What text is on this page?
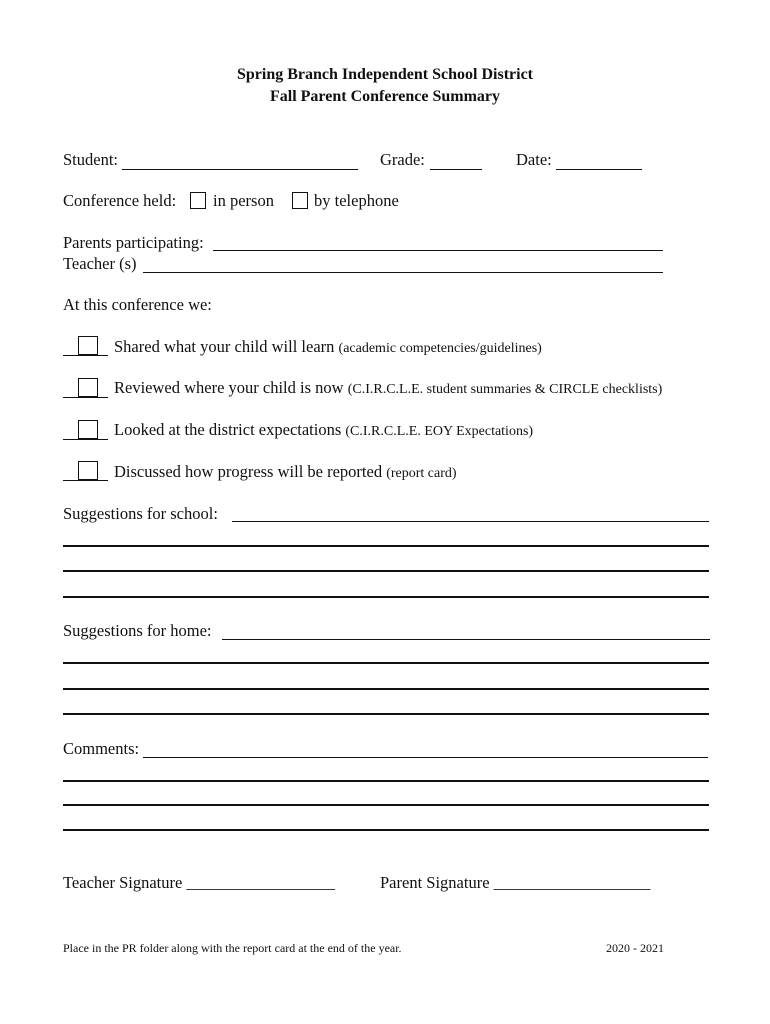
Spring Branch Independent School District
Fall Parent Conference Summary
Student:	Grade:	Date:
Conference held: in person by telephone
Parents participating:
Teacher (s)
At this conference we:
Shared what your child will learn (academic competencies/guidelines)
Reviewed where your child is now (C.I.R.C.L.E. student summaries & CIRCLE checklists)
Looked at the district expectations (C.I.R.C.L.E. EOY Expectations)
Discussed how progress will be reported (report card)
Suggestions for school:
Suggestions for home:
Comments:
Teacher Signature __________________	Parent Signature ___________________
Place in the PR folder along with the report card at the end of the year.	2020 - 2021
